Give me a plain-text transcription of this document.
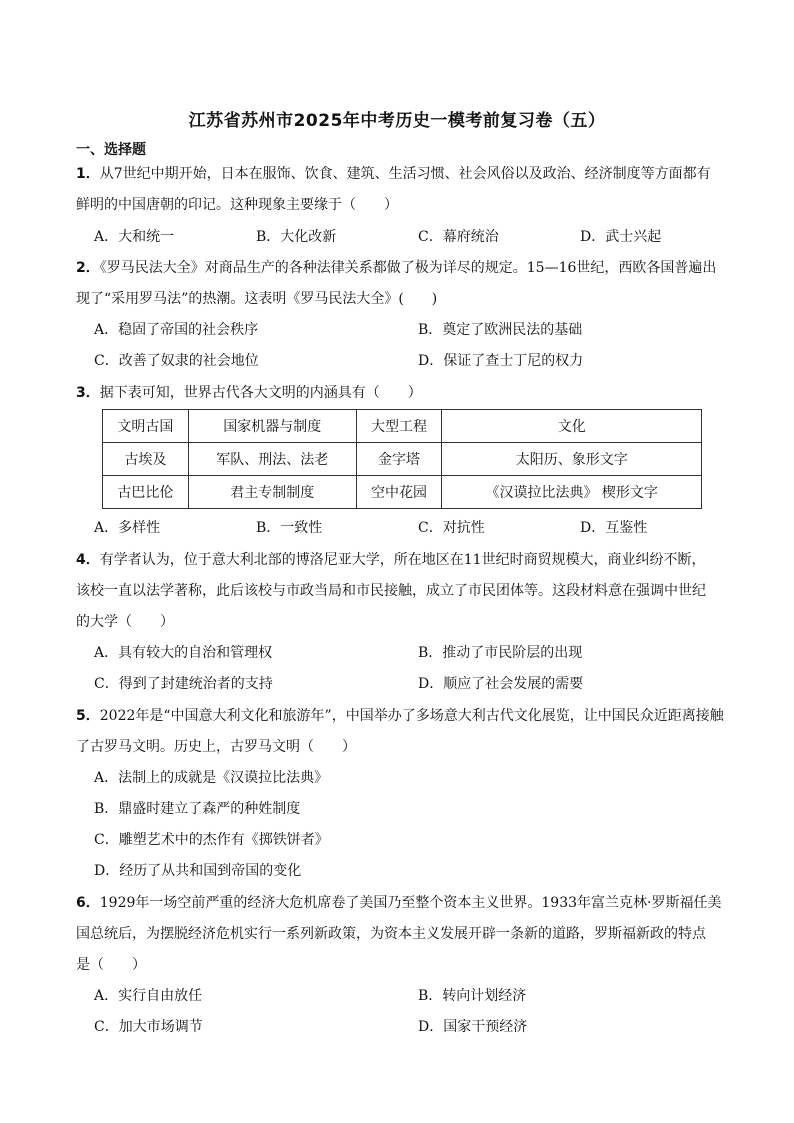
江苏省苏州市2025年中考历史一模考前复习卷（五）
一、选择题
1．从7世纪中期开始，日本在服饰、饮食、建筑、生活习惯、社会风俗以及政治、经济制度等方面都有
鲜明的中国唐朝的印记。这种现象主要缘于（　　）
A．大和统一	B．大化改新	C．幕府统治	D．武士兴起
2．《罗马民法大全》对商品生产的各种法律关系都做了极为详尽的规定。15—16世纪，西欧各国普遍出
现了“采用罗马法”的热潮。这表明《罗马民法大全》(　　)
A．稳固了帝国的社会秩序	B．奠定了欧洲民法的基础
C．改善了奴隶的社会地位	D．保证了查士丁尼的权力
3．据下表可知，世界古代各大文明的内涵具有（　　）
文明古国	国家机器与制度	大型工程	文化
古埃及	军队、刑法、法老	金字塔	太阳历、象形文字
古巴比伦	君主专制制度	空中花园	《汉谟拉比法典》 楔形文字
A．多样性	B．一致性	C．对抗性	D．互鉴性
4．有学者认为，位于意大利北部的博洛尼亚大学，所在地区在11世纪时商贸规模大，商业纠纷不断，
该校一直以法学著称，此后该校与市政当局和市民接触，成立了市民团体等。这段材料意在强调中世纪
的大学（　　）
A．具有较大的自治和管理权	B．推动了市民阶层的出现
C．得到了封建统治者的支持	D．顺应了社会发展的需要
5．2022年是“中国意大利文化和旅游年”，中国举办了多场意大利古代文化展览，让中国民众近距离接触
了古罗马文明。历史上，古罗马文明（　　）
A．法制上的成就是《汉谟拉比法典》
B．鼎盛时建立了森严的种姓制度
C．雕塑艺术中的杰作有《掷铁饼者》
D．经历了从共和国到帝国的变化
6．1929年一场空前严重的经济大危机席卷了美国乃至整个资本主义世界。1933年富兰克林·罗斯福任美
国总统后，为摆脱经济危机实行一系列新政策，为资本主义发展开辟一条新的道路，罗斯福新政的特点
是（　　）
A．实行自由放任	B．转向计划经济
C．加大市场调节	D．国家干预经济
